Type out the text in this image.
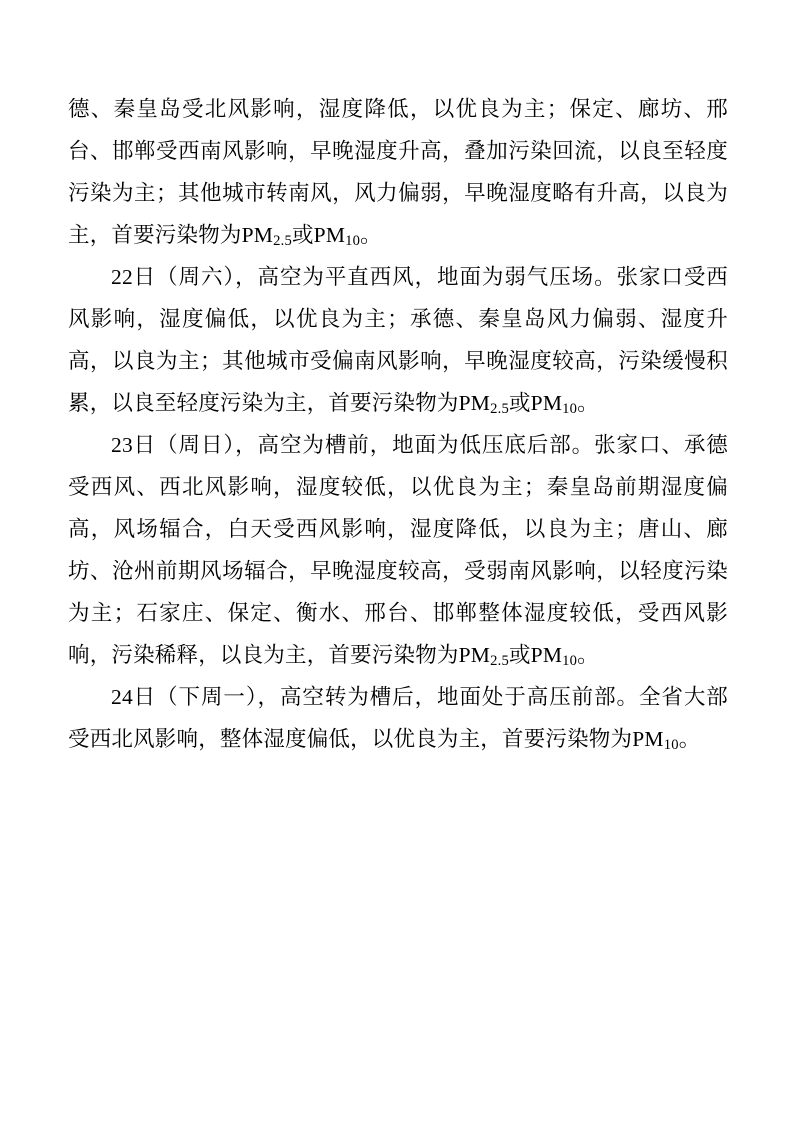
德、秦皇岛受北风影响，湿度降低，以优良为主；保定、廊坊、邢台、邯郸受西南风影响，早晚湿度升高，叠加污染回流，以良至轻度污染为主；其他城市转南风，风力偏弱，早晚湿度略有升高，以良为主，首要污染物为$PM_{2.5}$或$PM_{10}$。

22日（周六），高空为平直西风，地面为弱气压场。张家口受西风影响，湿度偏低，以优良为主；承德、秦皇岛风力偏弱、湿度升高，以良为主；其他城市受偏南风影响，早晚湿度较高，污染缓慢积累，以良至轻度污染为主，首要污染物为$PM_{2.5}$或$PM_{10}$。

23日（周日），高空为槽前，地面为低压底后部。张家口、承德受西风、西北风影响，湿度较低，以优良为主；秦皇岛前期湿度偏高，风场辐合，白天受西风影响，湿度降低，以良为主；唐山、廊坊、沧州前期风场辐合，早晚湿度较高，受弱南风影响，以轻度污染为主；石家庄、保定、衡水、邢台、邯郸整体湿度较低，受西风影响，污染稀释，以良为主，首要污染物为$PM_{2.5}$或$PM_{10}$。

24日（下周一），高空转为槽后，地面处于高压前部。全省大部受西北风影响，整体湿度偏低，以优良为主，首要污染物为$PM_{10}$。
